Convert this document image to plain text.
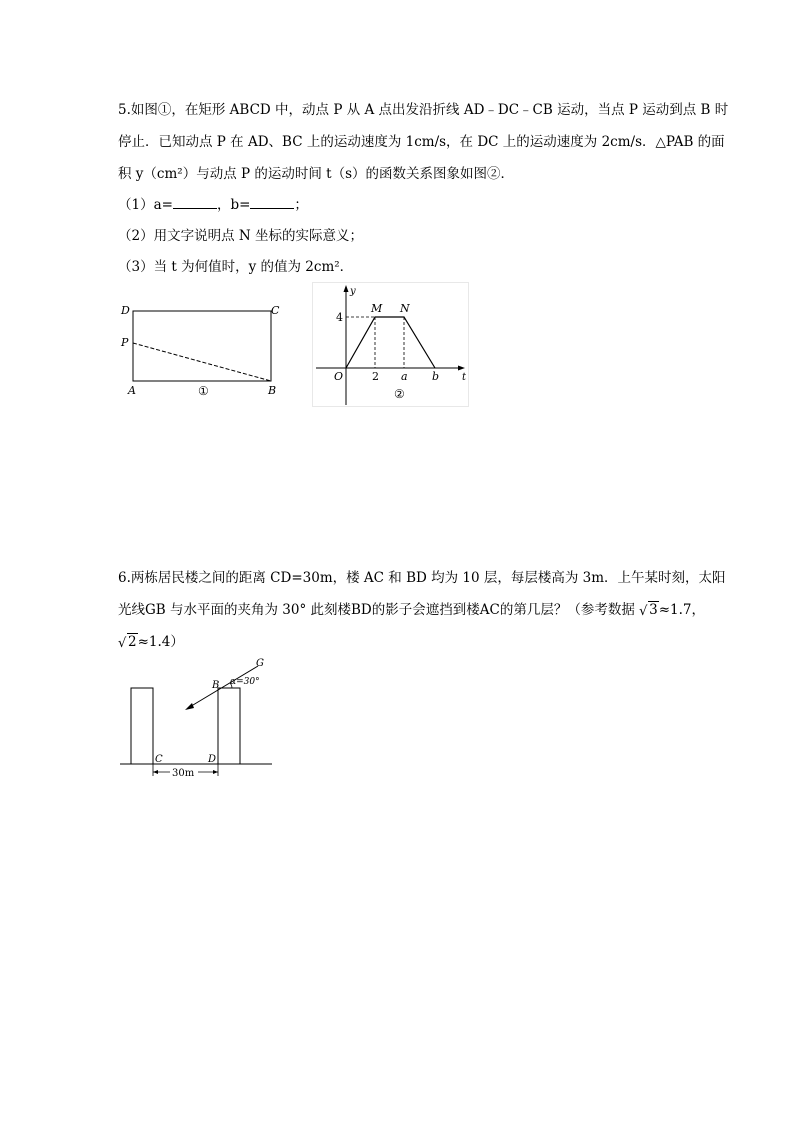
5.如图①，在矩形 ABCD 中，动点 P 从 A 点出发沿折线 AD﹣DC﹣CB 运动，当点 P 运动到点 B 时
停止．已知动点 P 在 AD、BC 上的运动速度为 1cm/s，在 DC 上的运动速度为 2cm/s．△PAB 的面
积 y（cm²）与动点 P 的运动时间 t（s）的函数关系图象如图②．
（1）a=	，b=	；
（2）用文字说明点 N 坐标的实际意义；
（3）当 t 为何值时，y 的值为 2cm²．
D	C
P
A	B
①
y
t
O
4
M N
2 a b
②
6.两栋居民楼之间的距离 CD=30m，楼 AC 和 BD 均为 10 层，每层楼高为 3m．上午某时刻，太阳
光线GB 与水平面的夹角为 30° 此刻楼BD的影子会遮挡到楼AC的第几层？（参考数据 √ 3≈1.7，
√ 2≈1.4）
G
B α=30°
C	D
30m
